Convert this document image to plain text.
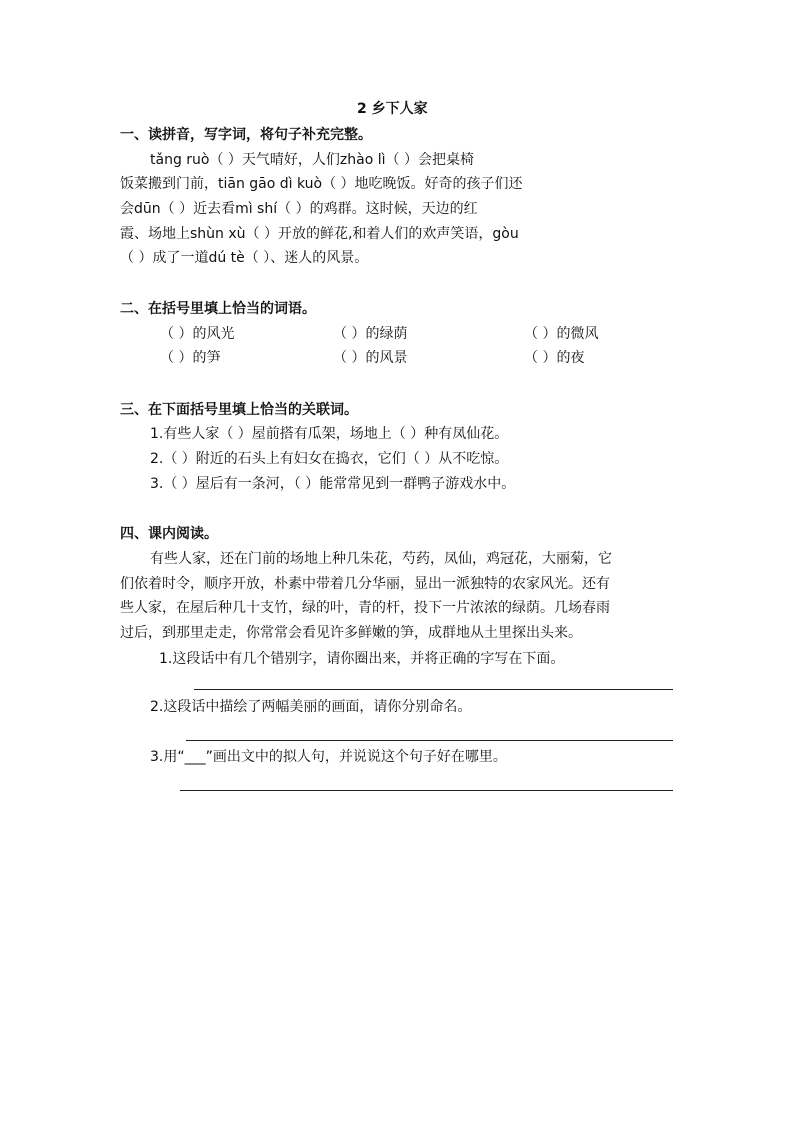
2 乡下人家
一、读拼音，写字词，将句子补充完整。
tǎng ruò（ ）天气晴好，人们zhào lì（ ）会把桌椅
饭菜搬到门前，tiān gāo dì kuò（ ）地吃晚饭。好奇的孩子们还
会dūn（ ）近去看mì shí（ ）的鸡群。这时候，天边的红
霞、场地上shùn xù（ ）开放的鲜花,和着人们的欢声笑语，gòu
（ ）成了一道dú tè（ ）、迷人的风景。
二、在括号里填上恰当的词语。
（ ）的风光	（ ）的绿荫	（ ）的微风
（ ）的笋	（ ）的风景	（ ）的夜
三、在下面括号里填上恰当的关联词。
1.有些人家（ ）屋前搭有瓜架，场地上（ ）种有凤仙花。
2.（ ）附近的石头上有妇女在捣衣，它们（ ）从不吃惊。
3.（ ）屋后有一条河，（ ）能常常见到一群鸭子游戏水中。
四、课内阅读。
有些人家，还在门前的场地上种几朱花，芍药，凤仙，鸡冠花，大丽菊，它
们依着时令，顺序开放，朴素中带着几分华丽，显出一派独特的农家风光。还有
些人家，在屋后种几十支竹，绿的叶，青的杆，投下一片浓浓的绿荫。几场春雨
过后，到那里走走，你常常会看见许多鲜嫩的笋，成群地从土里探出头来。
1.这段话中有几个错别字，请你圈出来，并将正确的字写在下面。
2.这段话中描绘了两幅美丽的画面，请你分别命名。
3.用“___”画出文中的拟人句，并说说这个句子好在哪里。
